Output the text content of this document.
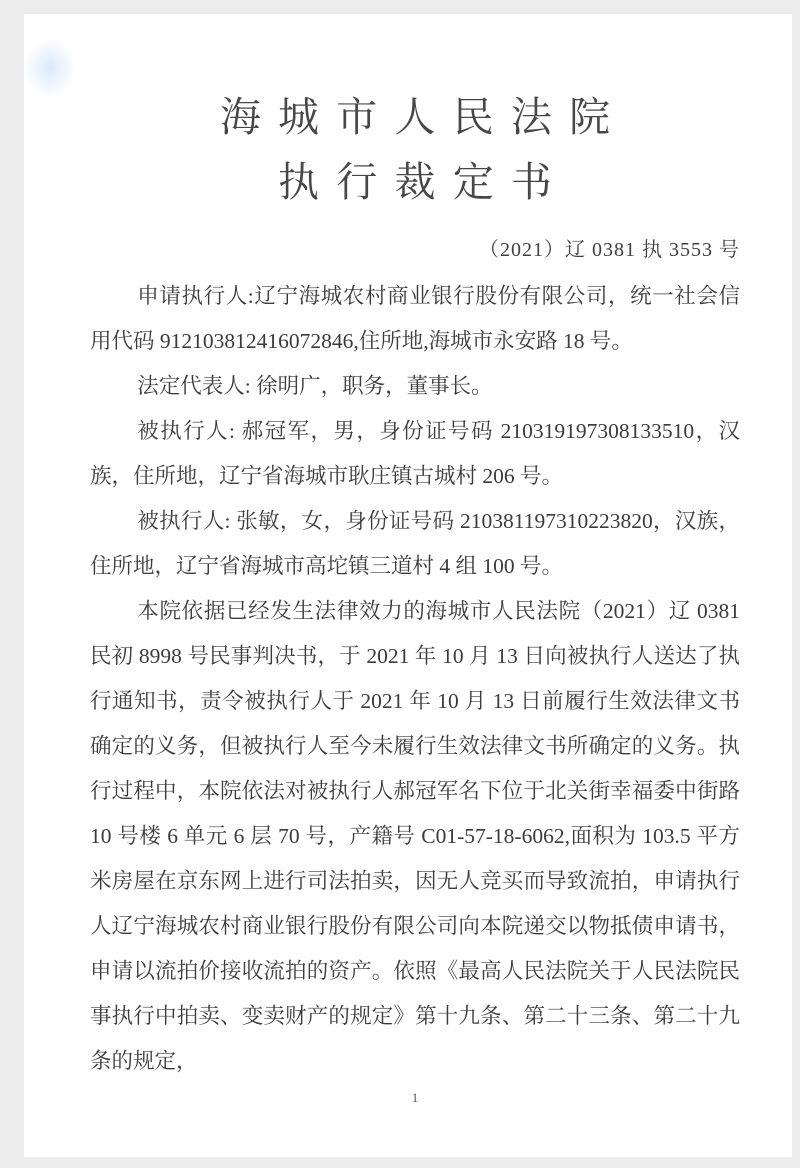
海城市人民法院
执行裁定书
（2021）辽 0381 执 3553 号

申请执行人:辽宁海城农村商业银行股份有限公司，统一社会信用代码 912103812416072846,住所地,海城市永安路 18 号。

法定代表人: 徐明广，职务，董事长。

被执行人: 郝冠军，男，身份证号码 210319197308133510，汉族，住所地，辽宁省海城市耿庄镇古城村 206 号。

被执行人: 张敏，女，身份证号码 210381197310223820，汉族，住所地，辽宁省海城市高坨镇三道村 4 组 100 号。

本院依据已经发生法律效力的海城市人民法院（2021）辽 0381 民初 8998 号民事判决书，于 2021 年 10 月 13 日向被执行人送达了执行通知书，责令被执行人于 2021 年 10 月 13 日前履行生效法律文书确定的义务，但被执行人至今未履行生效法律文书所确定的义务。执行过程中，本院依法对被执行人郝冠军名下位于北关街幸福委中街路 10 号楼 6 单元 6 层 70 号，产籍号 C01-57-18-6062,面积为 103.5 平方米房屋在京东网上进行司法拍卖，因无人竞买而导致流拍，申请执行人辽宁海城农村商业银行股份有限公司向本院递交以物抵债申请书，申请以流拍价接收流拍的资产。依照《最高人民法院关于人民法院民事执行中拍卖、变卖财产的规定》第十九条、第二十三条、第二十九条的规定，

1
